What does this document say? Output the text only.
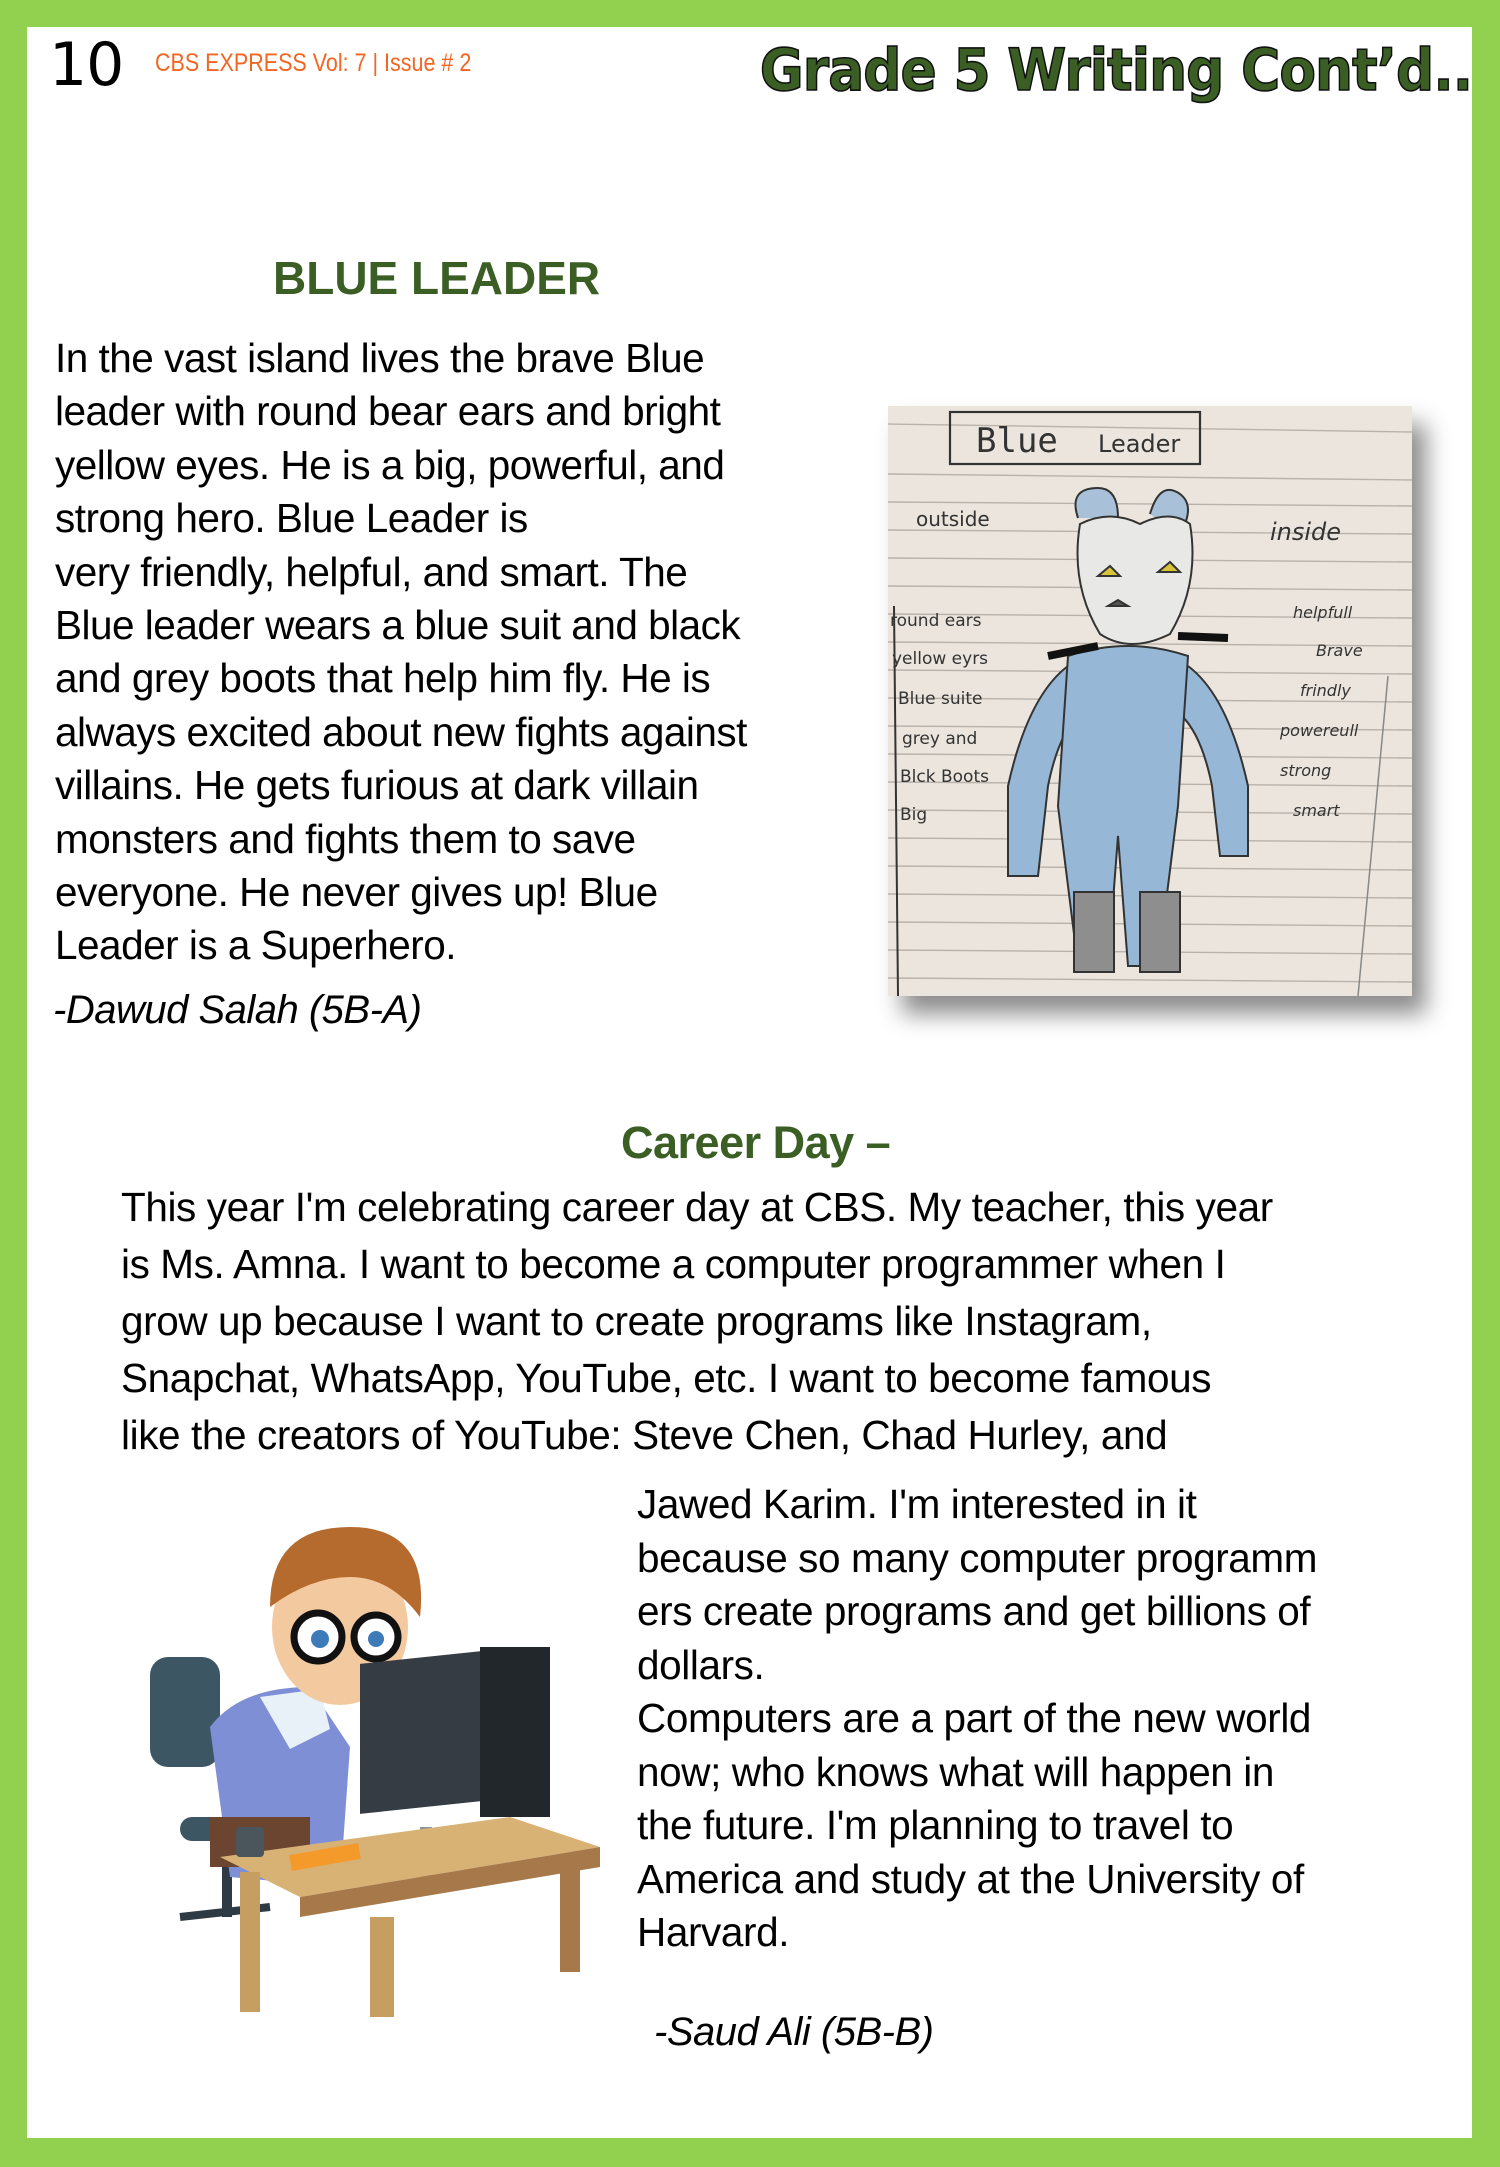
10 CBS EXPRESS Vol: 7 | Issue # 2	Grade 5 Writing Cont’d..
BLUE LEADER
In the vast island lives the brave Blue
leader with round bear ears and bright
yellow eyes. He is a big, powerful, and
strong hero. Blue Leader is
very friendly, helpful, and smart. The
Blue leader wears a blue suit and black
and grey boots that help him fly. He is
always excited about new fights against
villains. He gets furious at dark villain
monsters and fights them to save
everyone. He never gives up! Blue
Leader is a Superhero.
-Dawud Salah (5B-A)
Blue Leader
outside	inside
round ears
yellow eyrs
Blue suite
grey and
Blck Boots
Big
helpfull
Brave
frindly
powereull
strong
smart
Career Day –
This year I'm celebrating career day at CBS. My teacher, this year
is Ms. Amna. I want to become a computer programmer when I
grow up because I want to create programs like Instagram,
Snapchat, WhatsApp, YouTube, etc. I want to become famous
like the creators of YouTube: Steve Chen, Chad Hurley, and
Jawed Karim. I'm interested in it
because so many computer programm
ers create programs and get billions of
dollars.
Computers are a part of the new world
now; who knows what will happen in
the future. I'm planning to travel to
America and study at the University of
Harvard.
-Saud Ali (5B-B)
